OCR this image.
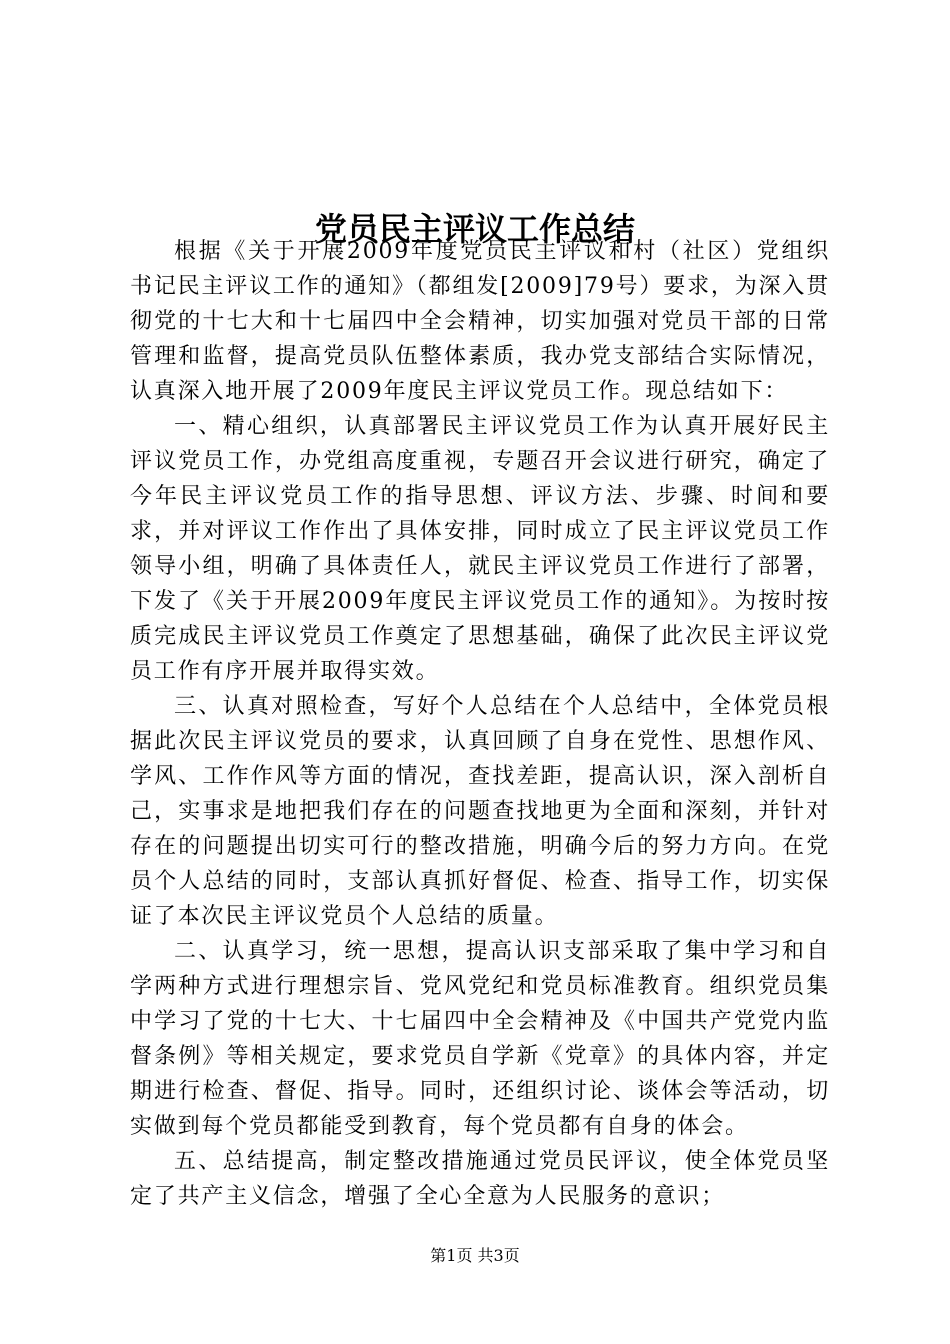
党员民主评议工作总结

根据《关于开展2009年度党员民主评议和村（社区）党组织书记民主评议工作的通知》（都组发[2009]79号）要求，为深入贯彻党的十七大和十七届四中全会精神，切实加强对党员干部的日常管理和监督，提高党员队伍整体素质，我办党支部结合实际情况，认真深入地开展了2009年度民主评议党员工作。现总结如下：

一、精心组织，认真部署民主评议党员工作为认真开展好民主评议党员工作，办党组高度重视，专题召开会议进行研究，确定了今年民主评议党员工作的指导思想、评议方法、步骤、时间和要求，并对评议工作作出了具体安排，同时成立了民主评议党员工作领导小组，明确了具体责任人，就民主评议党员工作进行了部署，下发了《关于开展2009年度民主评议党员工作的通知》。为按时按质完成民主评议党员工作奠定了思想基础，确保了此次民主评议党员工作有序开展并取得实效。

三、认真对照检查，写好个人总结在个人总结中，全体党员根据此次民主评议党员的要求，认真回顾了自身在党性、思想作风、学风、工作作风等方面的情况，查找差距，提高认识，深入剖析自己，实事求是地把我们存在的问题查找地更为全面和深刻，并针对存在的问题提出切实可行的整改措施，明确今后的努力方向。在党员个人总结的同时，支部认真抓好督促、检查、指导工作，切实保证了本次民主评议党员个人总结的质量。

二、认真学习，统一思想，提高认识支部采取了集中学习和自学两种方式进行理想宗旨、党风党纪和党员标准教育。组织党员集中学习了党的十七大、十七届四中全会精神及《中国共产党党内监督条例》等相关规定，要求党员自学新《党章》的具体内容，并定期进行检查、督促、指导。同时，还组织讨论、谈体会等活动，切实做到每个党员都能受到教育，每个党员都有自身的体会。

五、总结提高，制定整改措施通过党员民评议，使全体党员坚定了共产主义信念，增强了全心全意为人民服务的意识；

第1页 共3页
